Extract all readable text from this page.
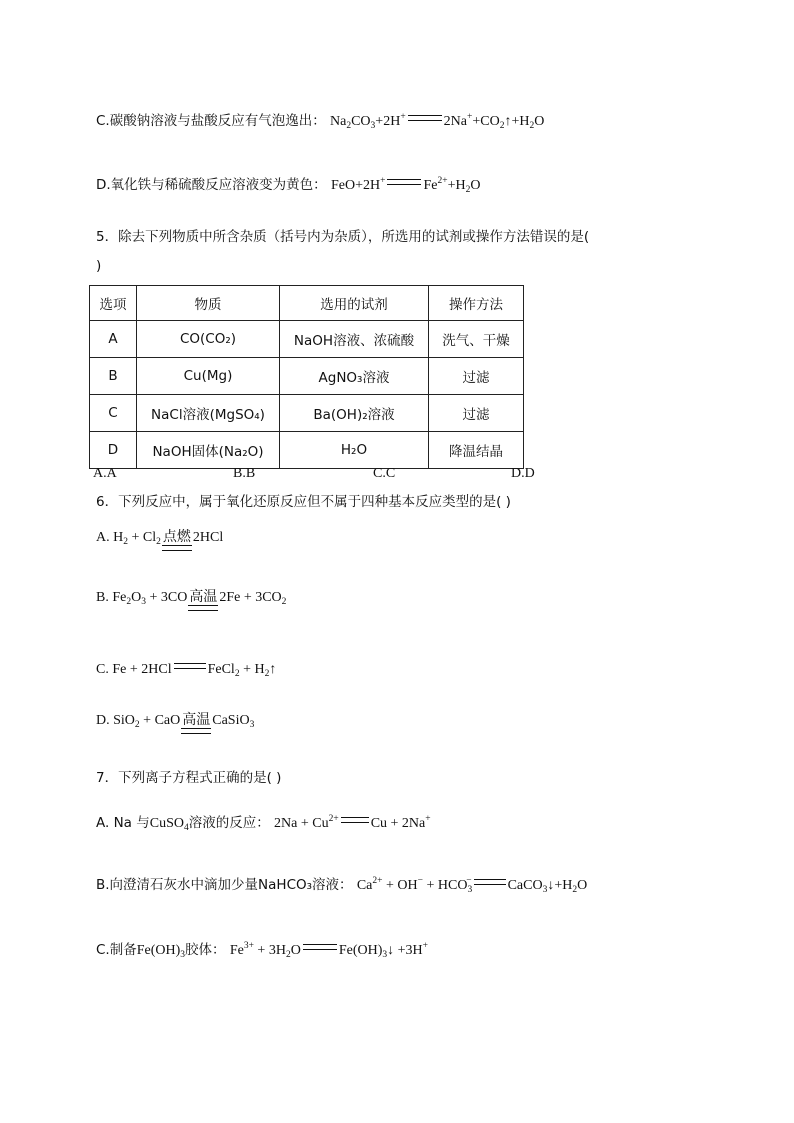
C.碳酸钠溶液与盐酸反应有气泡逸出： $Na_2CO_3+2H^+$	$2Na^++CO_2↑+H_2O$
D.氧化铁与稀硫酸反应溶液变为黄色： FeO+2H+	$Fe^{2+}+H_2O$
5．除去下列物质中所含杂质（括号内为杂质），所选用的试剂或操作方法错误的是(
)
选项	物质	选用的试剂	操作方法
A	CO(CO₂)	NaOH溶液、浓硫酸	洗气、干燥
B	Cu(Mg)	AgNO₃溶液	过滤
C	NaCl溶液(MgSO₄)	Ba(OH)₂溶液	过滤
D	NaOH固体(Na₂O)	H₂O	降温结晶
A.A	B.B	C.C	D.D
6．下列反应中，属于氧化还原反应但不属于四种基本反应类型的是( )
A. $H_2 + Cl_2$ 点燃 2HCl
B. $Fe_2O_3 + 3CO$ 高温 $2Fe + 3CO_2$
C. Fe + 2HCl	FeCl$_2$ + $H_2↑$
D. SiO$_2$ + CaO 高温 CaSiO$_3$
7．下列离子方程式正确的是( )
A. Na 与CuSO$_4$溶液的反应： $2Na + Cu^{2+}$ Cu + 2Na+
B.向澄清石灰水中滴加少量NaHCO₃溶液： $Ca^{2+} + OH^- + HCO_3^-$	$CaCO_3↓+H_2O$
C.制备$Fe(OH)_3$胶体： $Fe^{3+} + 3H_2O$	$Fe(OH)_3↓ +3H^+$
